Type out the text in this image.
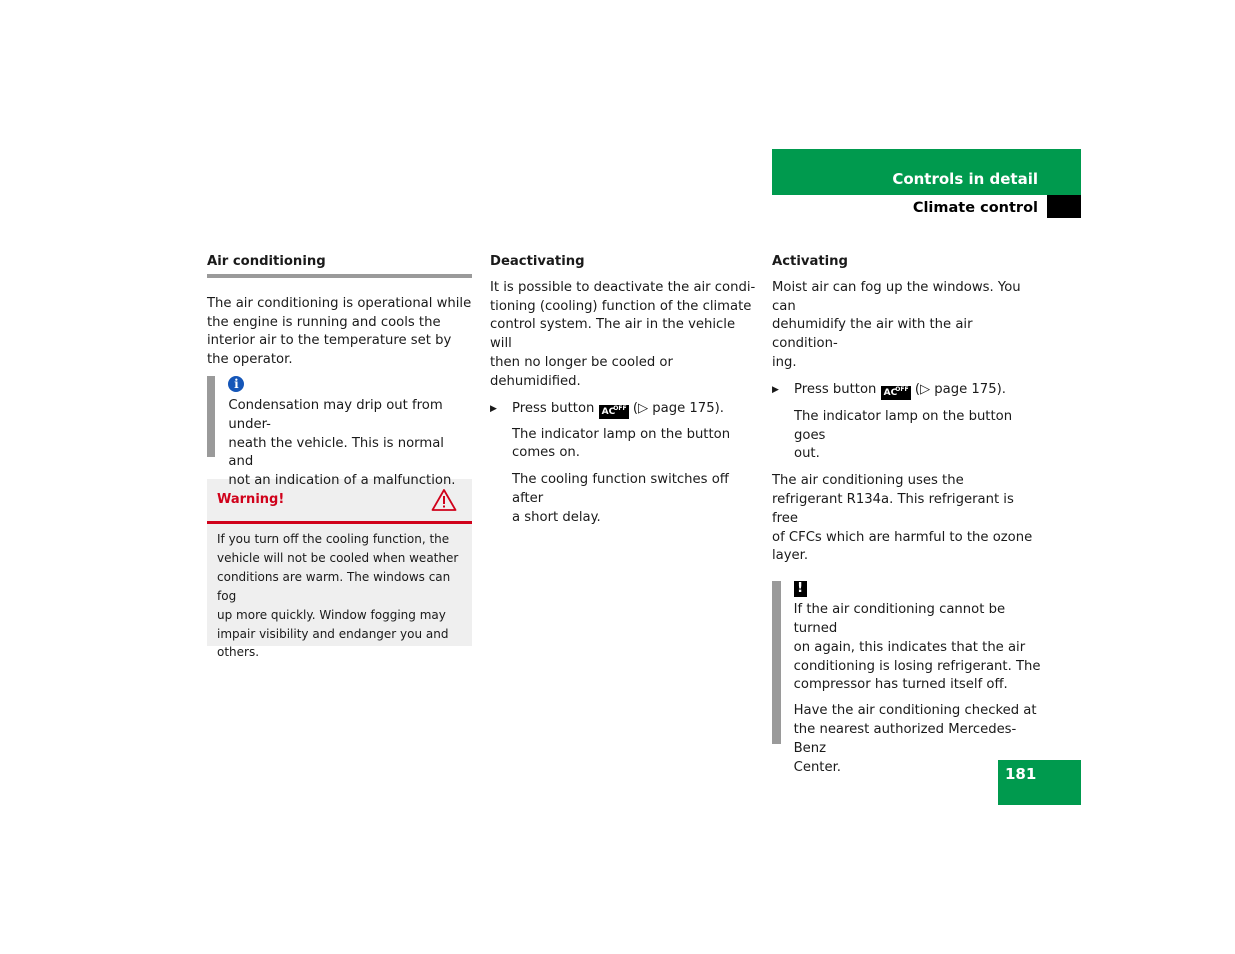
Controls in detail
Climate control
Air conditioning

The air conditioning is operational while the engine is running and cools the interior air to the temperature set by the operator.

i
Condensation may drip out from under-
neath the vehicle. This is normal and
not an indication of a malfunction.
Warning!
If you turn off the cooling function, the
vehicle will not be cooled when weather
conditions are warm. The windows can fog
up more quickly. Window fogging may
impair visibility and endanger you and
others.
Deactivating
It is possible to deactivate the air condi-
tioning (cooling) function of the climate
control system. The air in the vehicle will
then no longer be cooled or dehumidified.
▶	Press button AC
OFF (▷ page 175).
The indicator lamp on the button
comes on.
The cooling function switches off after
a short delay.
Activating
Moist air can fog up the windows. You can
dehumidify the air with the air condition-
ing.
▶	Press button AC
OFF (▷ page 175).
The indicator lamp on the button goes
out.
The air conditioning uses the
refrigerant R134a. This refrigerant is free
of CFCs which are harmful to the ozone
layer.
!
If the air conditioning cannot be turned
on again, this indicates that the air
conditioning is losing refrigerant. The
compressor has turned itself off.
Have the air conditioning checked at
the nearest authorized Mercedes-Benz
Center.	181
